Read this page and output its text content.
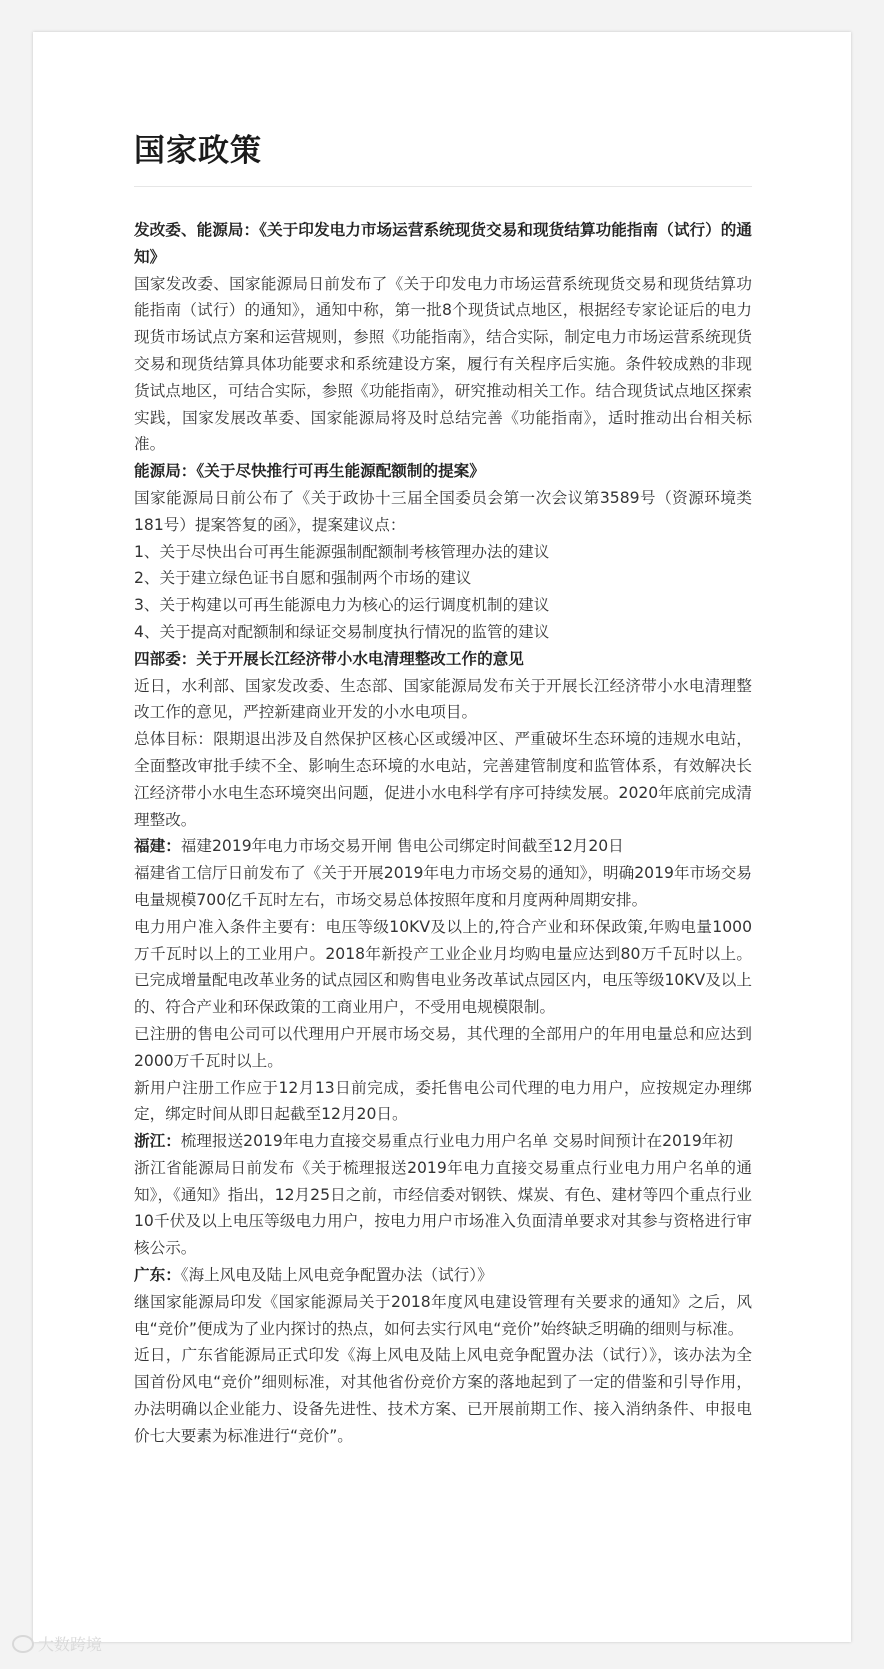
国家政策

发改委、能源局：《关于印发电力市场运营系统现货交易和现货结算功能指南（试行）的通知》

国家发改委、国家能源局日前发布了《关于印发电力市场运营系统现货交易和现货结算功能指南（试行）的通知》，通知中称，第一批8个现货试点地区，根据经专家论证后的电力现货市场试点方案和运营规则，参照《功能指南》，结合实际，制定电力市场运营系统现货交易和现货结算具体功能要求和系统建设方案，履行有关程序后实施。条件较成熟的非现货试点地区，可结合实际，参照《功能指南》，研究推动相关工作。结合现货试点地区探索实践，国家发展改革委、国家能源局将及时总结完善《功能指南》，适时推动出台相关标准。

能源局：《关于尽快推行可再生能源配额制的提案》

国家能源局日前公布了《关于政协十三届全国委员会第一次会议第3589号（资源环境类181号）提案答复的函》，提案建议点：

1、关于尽快出台可再生能源强制配额制考核管理办法的建议

2、关于建立绿色证书自愿和强制两个市场的建议

3、关于构建以可再生能源电力为核心的运行调度机制的建议

4、关于提高对配额制和绿证交易制度执行情况的监管的建议

四部委：关于开展长江经济带小水电清理整改工作的意见

近日，水利部、国家发改委、生态部、国家能源局发布关于开展长江经济带小水电清理整改工作的意见，严控新建商业开发的小水电项目。

总体目标：限期退出涉及自然保护区核心区或缓冲区、严重破坏生态环境的违规水电站，全面整改审批手续不全、影响生态环境的水电站，完善建管制度和监管体系，有效解决长江经济带小水电生态环境突出问题，促进小水电科学有序可持续发展。2020年底前完成清理整改。

福建：福建2019年电力市场交易开闸 售电公司绑定时间截至12月20日

福建省工信厅日前发布了《关于开展2019年电力市场交易的通知》，明确2019年市场交易电量规模700亿千瓦时左右，市场交易总体按照年度和月度两种周期安排。

电力用户准入条件主要有：电压等级10KV及以上的,符合产业和环保政策,年购电量1000万千瓦时以上的工业用户。2018年新投产工业企业月均购电量应达到80万千瓦时以上。已完成增量配电改革业务的试点园区和购售电业务改革试点园区内，电压等级10KV及以上的、符合产业和环保政策的工商业用户，不受用电规模限制。

已注册的售电公司可以代理用户开展市场交易，其代理的全部用户的年用电量总和应达到2000万千瓦时以上。

新用户注册工作应于12月13日前完成，委托售电公司代理的电力用户，应按规定办理绑定，绑定时间从即日起截至12月20日。

浙江：梳理报送2019年电力直接交易重点行业电力用户名单 交易时间预计在2019年初

浙江省能源局日前发布《关于梳理报送2019年电力直接交易重点行业电力用户名单的通知》，《通知》指出，12月25日之前，市经信委对钢铁、煤炭、有色、建材等四个重点行业10千伏及以上电压等级电力用户，按电力用户市场准入负面清单要求对其参与资格进行审核公示。

广东：《海上风电及陆上风电竞争配置办法（试行）》

继国家能源局印发《国家能源局关于2018年度风电建设管理有关要求的通知》之后，风电“竞价”便成为了业内探讨的热点，如何去实行风电“竞价”始终缺乏明确的细则与标准。

近日，广东省能源局正式印发《海上风电及陆上风电竞争配置办法（试行）》，该办法为全国首份风电“竞价”细则标准，对其他省份竞价方案的落地起到了一定的借鉴和引导作用，办法明确以企业能力、设备先进性、技术方案、已开展前期工作、接入消纳条件、申报电价七大要素为标准进行“竞价”。

大数跨境
